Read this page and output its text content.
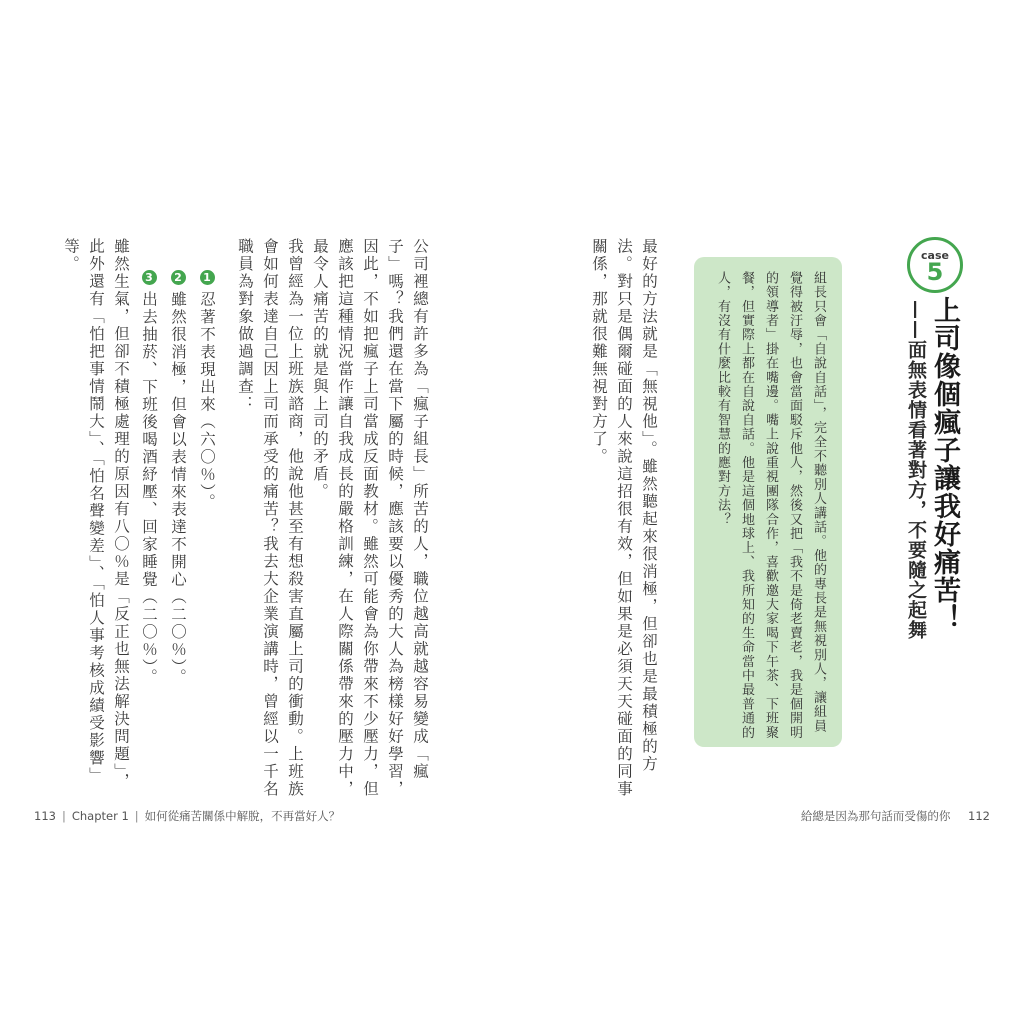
case
5
上司像個瘋子讓我好痛苦！
——面無表情看著對方，不要隨之起舞
組長只會「自說自話」，完全不聽別人講話。他的專長是無視別人，讓組員覺得被汙辱，也會當面駁斥他人，然後又把「我不是倚老賣老，我是個開明的領導者」掛在嘴邊。嘴上說重視團隊合作，喜歡邀大家喝下午茶、下班聚餐，但實際上都在自說自話。他是這個地球上、我所知的生命當中最普通的人，有沒有什麼比較有智慧的應對方法？
最好的方法就是「無視他」。雖然聽起來很消極，但卻也是最積極的方法。對只是偶爾碰面的人來說這招很有效，但如果是必須天天碰面的同事關係，那就很難無視對方了。
公司裡總有許多為「瘋子組長」所苦的人，職位越高就越容易變成「瘋子」嗎？我們還在當下屬的時候，應該要以優秀的大人為榜樣好好學習，因此，不如把瘋子上司當成反面教材。雖然可能會為你帶來不少壓力，但應該把這種情況當作讓自我成長的嚴格訓練，在人際關係帶來的壓力中，最令人痛苦的就是與上司的矛盾。
我曾經為一位上班族諮商，他說他甚至有想殺害直屬上司的衝動。上班族會如何表達自己因上司而承受的痛苦？我去大企業演講時，曾經以一千名職員為對象做過調查：
1忍著不表現出來（六〇％）。
2雖然很消極，但會以表情來表達不開心（二〇％）。
3出去抽菸、下班後喝酒紓壓、回家睡覺（二〇％）。
雖然生氣，但卻不積極處理的原因有八〇％是「反正也無法解決問題」，此外還有「怕把事情鬧大」、「怕名聲變差」、「怕人事考核成績受影響」等。
113 | Chapter 1 | 如何從痛苦關係中解脫，不再當好人？	給總是因為那句話而受傷的你 112
